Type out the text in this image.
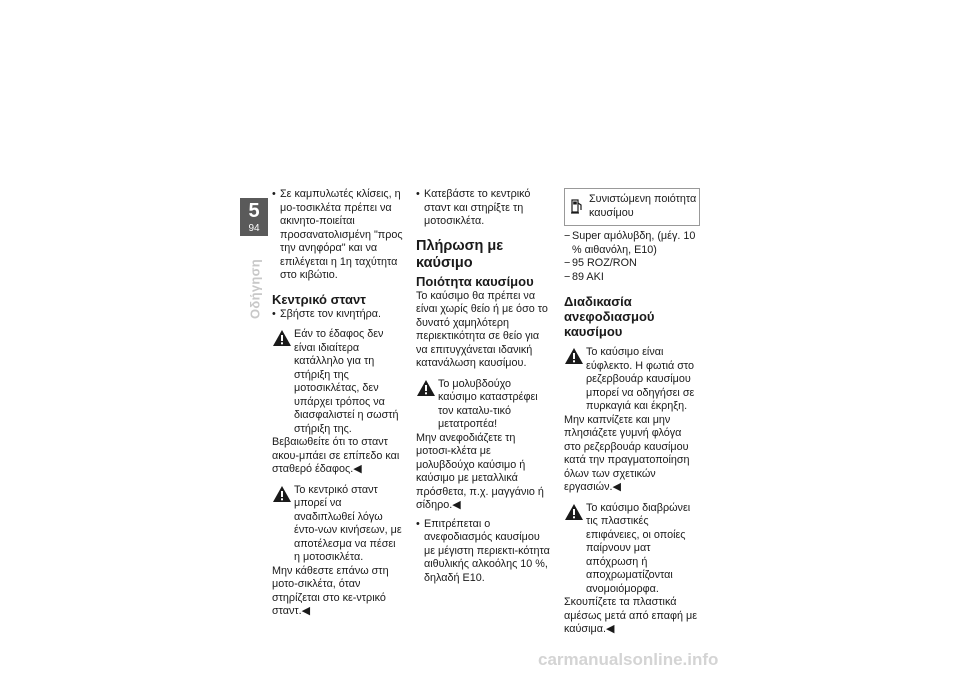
5
94
Οδήγηση

• Σε καμπυλωτές κλίσεις, η μο-τοσικλέτα πρέπει να ακινητο-ποιείται προσανατολισμένη "προς την ανηφόρα" και να επιλέγεται η 1η ταχύτητα στο κιβώτιο.

Κεντρικό σταντ

• Σβήστε τον κινητήρα.

Εάν το έδαφος δεν είναι ιδιαίτερα κατάλληλο για τη στήριξη της μοτοσικλέτας, δεν υπάρχει τρόπος να διασφαλιστεί η σωστή στήριξη της.

Βεβαιωθείτε ότι το σταντ ακου-μπάει σε επίπεδο και σταθερό έδαφος.◀

Το κεντρικό σταντ μπορεί να αναδιπλωθεί λόγω έντο-νων κινήσεων, με αποτέλεσμα να πέσει η μοτοσικλέτα.

Μην κάθεστε επάνω στη μοτο-σικλέτα, όταν στηρίζεται στο κε-ντρικό σταντ.◀

• Κατεβάστε το κεντρικό σταντ και στηρίξτε τη μοτοσικλέτα.

Πλήρωση με καύσιμο
Ποιότητα καυσίμου

Το καύσιμο θα πρέπει να είναι χωρίς θείο ή με όσο το δυνατό χαμηλότερη περιεκτικότητα σε θείο για να επιτυγχάνεται ιδανική κατανάλωση καυσίμου.

Το μολυβδούχο καύσιμο καταστρέφει τον καταλυ-τικό μετατροπέα!

Μην ανεφοδιάζετε τη μοτοσι-κλέτα με μολυβδούχο καύσιμο ή καύσιμο με μεταλλικά πρόσθετα, π.χ. μαγγάνιο ή σίδηρο.◀

• Επιτρέπεται ο ανεφοδιασμός καυσίμου με μέγιστη περιεκτι-κότητα αιθυλικής αλκοόλης 10 %, δηλαδή E10.

Συνιστώμενη ποιότητα καυσίμου

− Super αμόλυβδη, (μέγ. 10 % αιθανόλη, E10)

− 95 ROZ/RON

− 89 AKI

Διαδικασία ανεφοδιασμού καυσίμου
Το καύσιμο είναι εύφλεκτο. Η φωτιά στο ρεζερβουάρ καυσίμου μπορεί να οδηγήσει σε πυρκαγιά και έκρηξη.

Μην καπνίζετε και μην πλησιάζετε γυμνή φλόγα στο ρεζερβουάρ καυσίμου κατά την πραγματοποίηση όλων των σχετικών εργασιών.◀

Το καύσιμο διαβρώνει τις πλαστικές επιφάνειες, οι οποίες παίρνουν ματ απόχρωση ή αποχρωματίζονται ανομοιόμορφα.

Σκουπίζετε τα πλαστικά αμέσως μετά από επαφή με καύσιμα.◀

carmanualsonline.info
